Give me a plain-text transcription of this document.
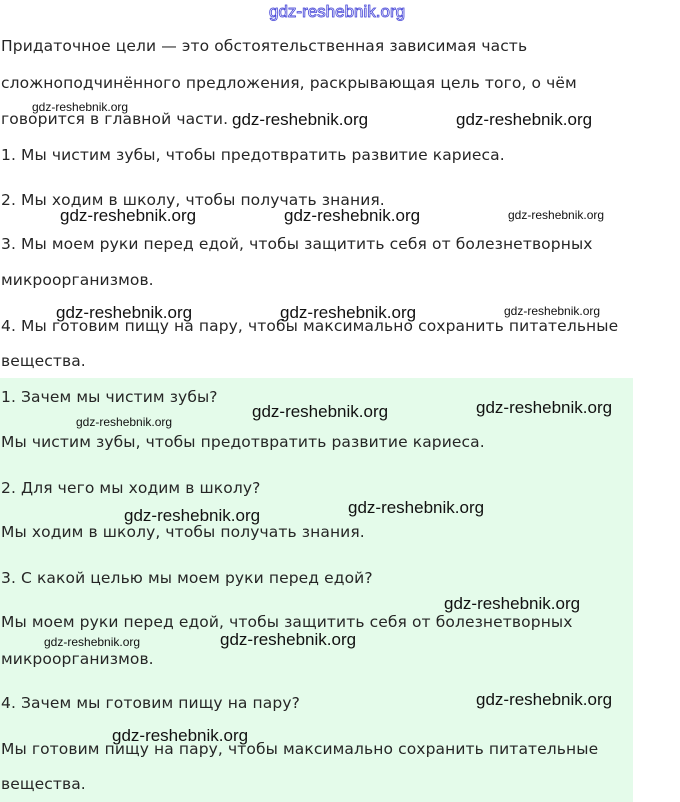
gdz-reshebnik.org
Придаточное цели — это обстоятельственная зависимая часть
сложноподчинённого предложения, раскрывающая цель того, о чём
говорится в главной части.
1. Мы чистим зубы, чтобы предотвратить развитие кариеса.
2. Мы ходим в школу, чтобы получать знания.
3. Мы моем руки перед едой, чтобы защитить себя от болезнетворных
микроорганизмов.
4. Мы готовим пищу на пару, чтобы максимально сохранить питательные
вещества.
1. Зачем мы чистим зубы?
Мы чистим зубы, чтобы предотвратить развитие кариеса.
2. Для чего мы ходим в школу?
Мы ходим в школу, чтобы получать знания.
3. С какой целью мы моем руки перед едой?
Мы моем руки перед едой, чтобы защитить себя от болезнетворных
микроорганизмов.
4. Зачем мы готовим пищу на пару?
Мы готовим пищу на пару, чтобы максимально сохранить питательные
вещества.
gdz-reshebnik.org
gdz-reshebnik.org	gdz-reshebnik.org
gdz-reshebnik.org	gdz-reshebnik.org	gdz-reshebnik.org
gdz-reshebnik.org	gdz-reshebnik.org	gdz-reshebnik.org
gdz-reshebnik.org	gdz-reshebnik.org
gdz-reshebnik.org
gdz-reshebnik.org
gdz-reshebnik.org
gdz-reshebnik.org
gdz-reshebnik.org	gdz-reshebnik.org
gdz-reshebnik.org
gdz-reshebnik.org
